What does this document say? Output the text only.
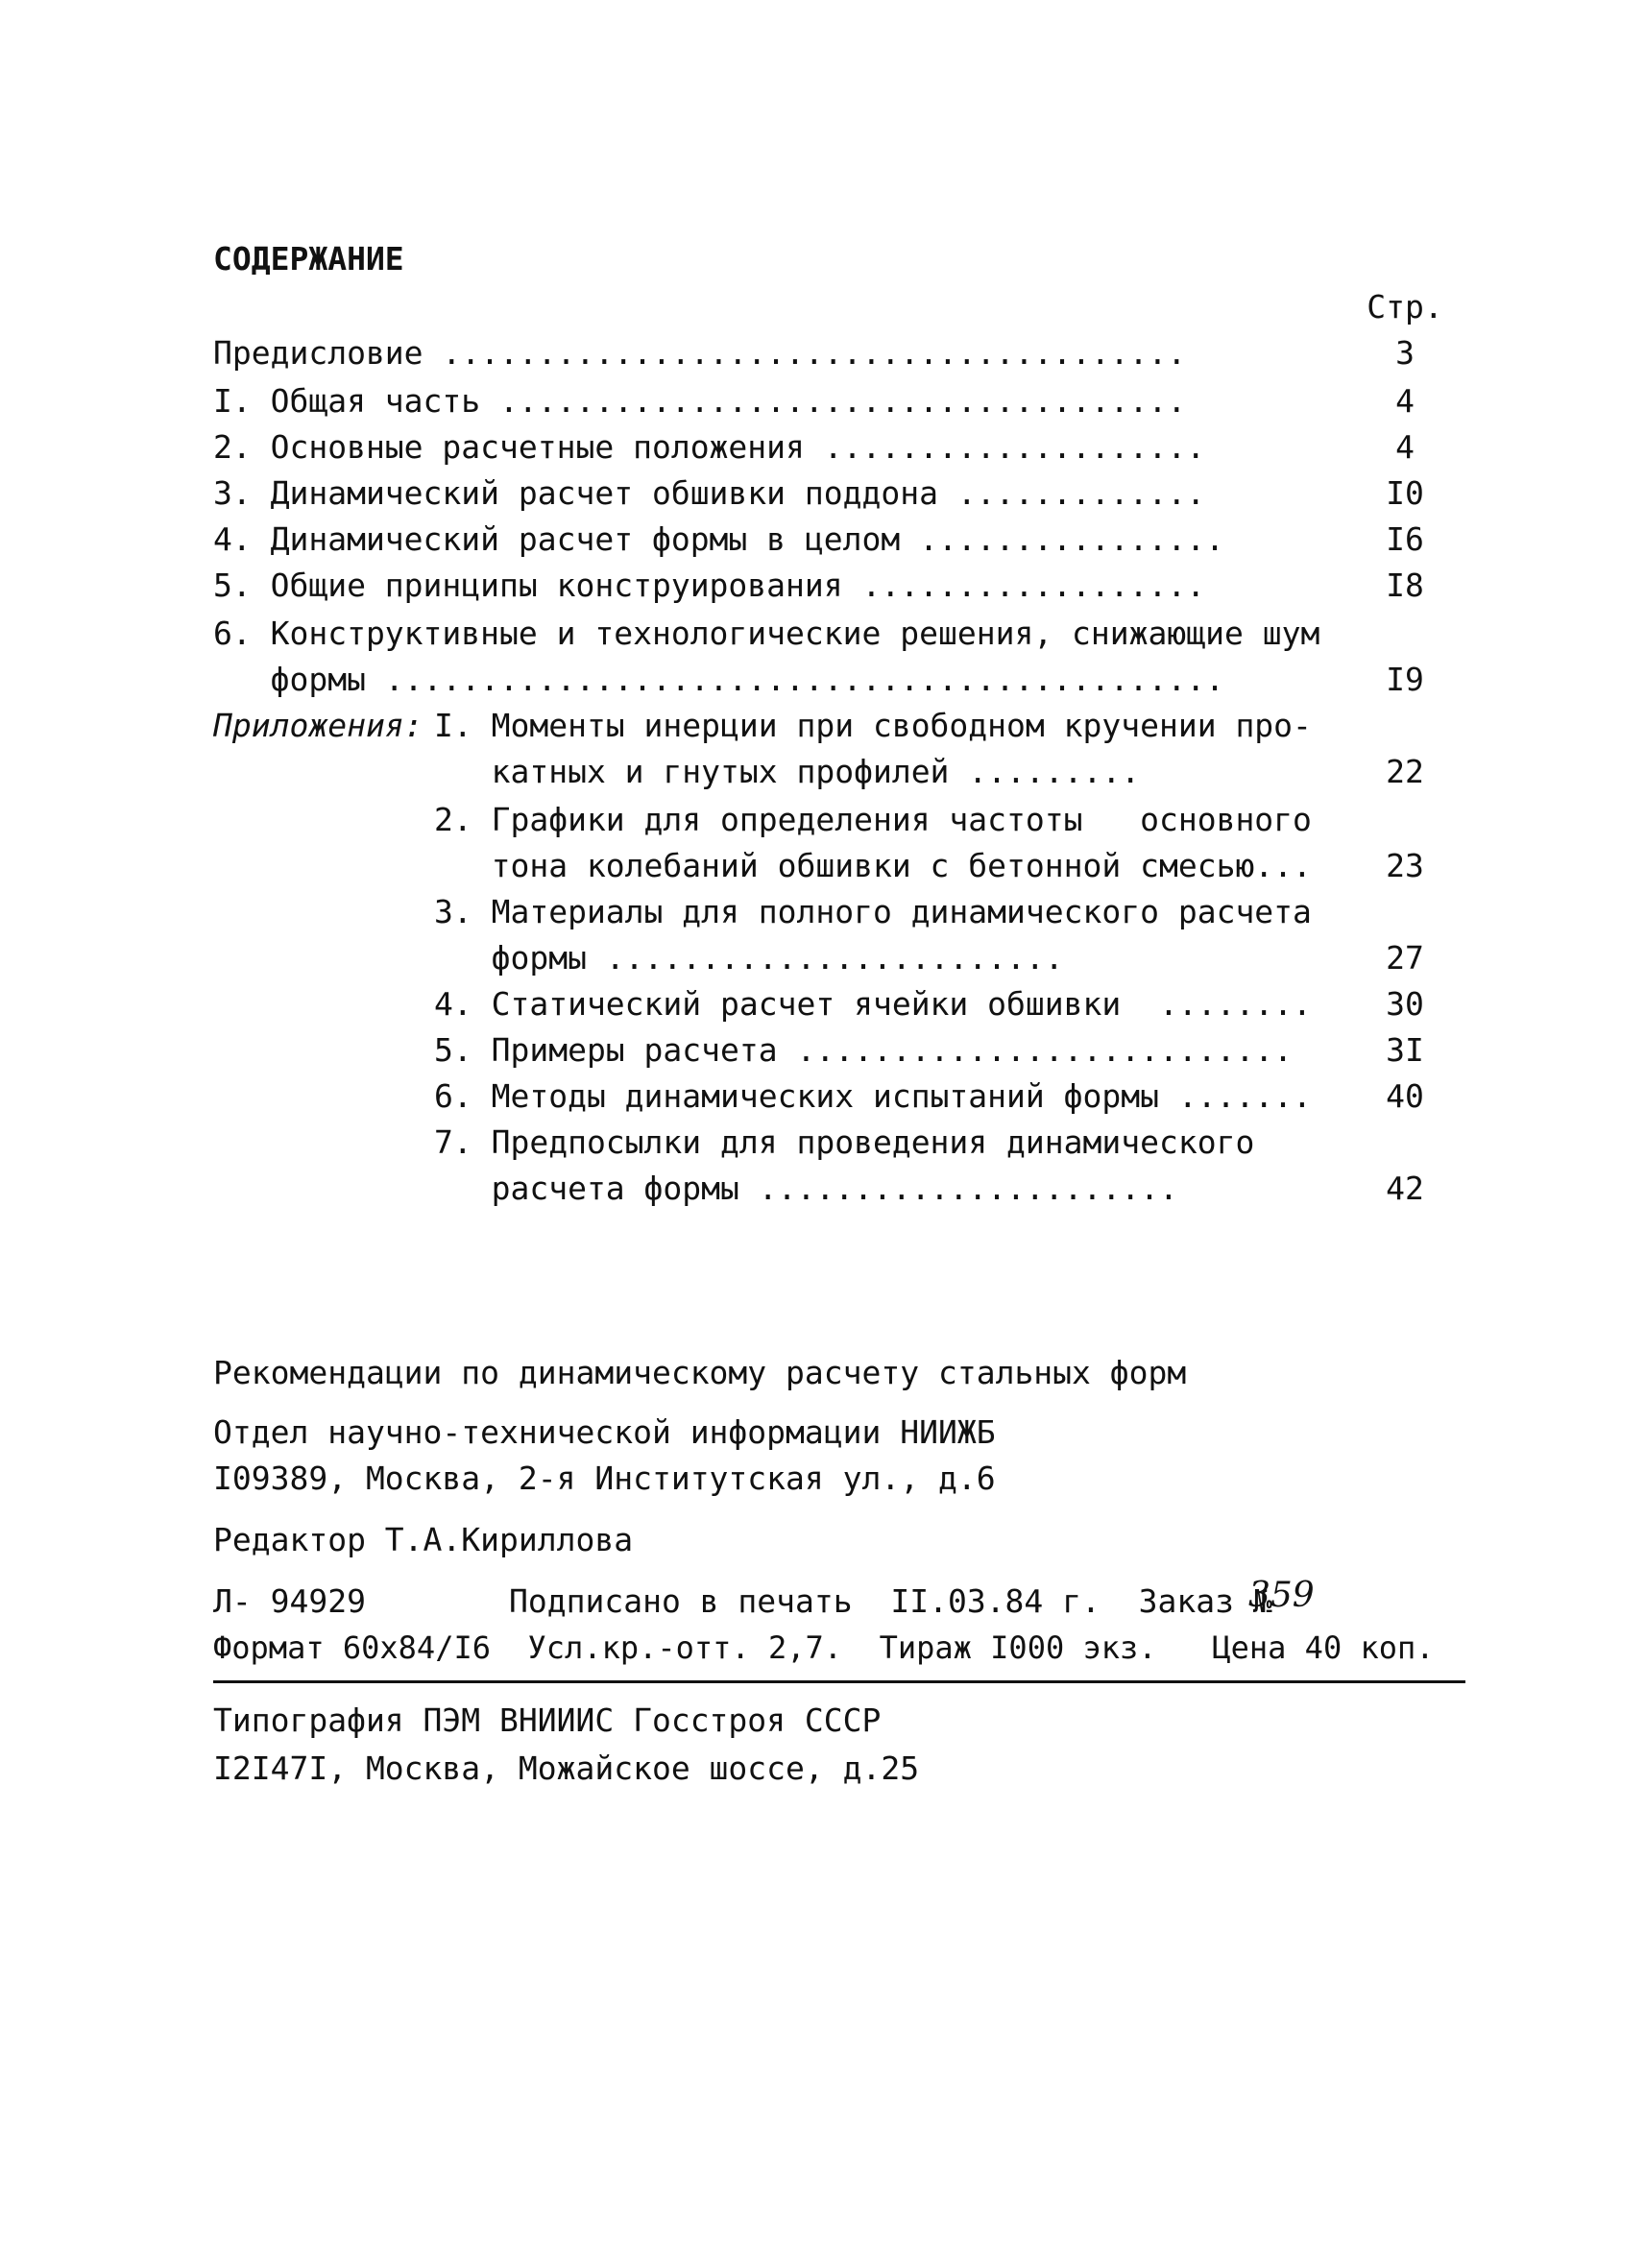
СОДЕРЖАНИЕ
Стр.
Предисловие .......................................	3
I. Общая часть ....................................	4
2. Основные расчетные положения ....................	4
3. Динамический расчет обшивки поддона .............	I0
4. Динамический расчет формы в целом ................	I6
5. Общие принципы конструирования ..................	I8
6. Конструктивные и технологические решения, снижающие шум
формы ............................................	I9
Приложения: I. Моменты инерции при свободном кручении про-
катных и гнутых профилей .........	22
2. Графики для определения частоты   основного
тона колебаний обшивки с бетонной смесью...	23
3. Материалы для полного динамического расчета
формы ........................	27
4. Статический расчет ячейки обшивки  ........	30
5. Примеры расчета ..........................	3I
6. Методы динамических испытаний формы .......	40
7. Предпосылки для проведения динамического
расчета формы ......................	42
Рекомендации по динамическому расчету стальных форм
Отдел научно-технической информации НИИЖБ
I09389, Москва, 2-я Институтская ул., д.6
Редактор Т.А.Кириллова
Л- 94929	Подписано в печать  II.03.84 г.  Заказ №
359
Формат 60х84/I6  Усл.кр.-отт. 2,7.  Тираж I000 экз.   Цена 40 коп.
Типография ПЭМ ВНИИИС Госстроя СССР
I2I47I, Москва, Можайское шоссе, д.25
